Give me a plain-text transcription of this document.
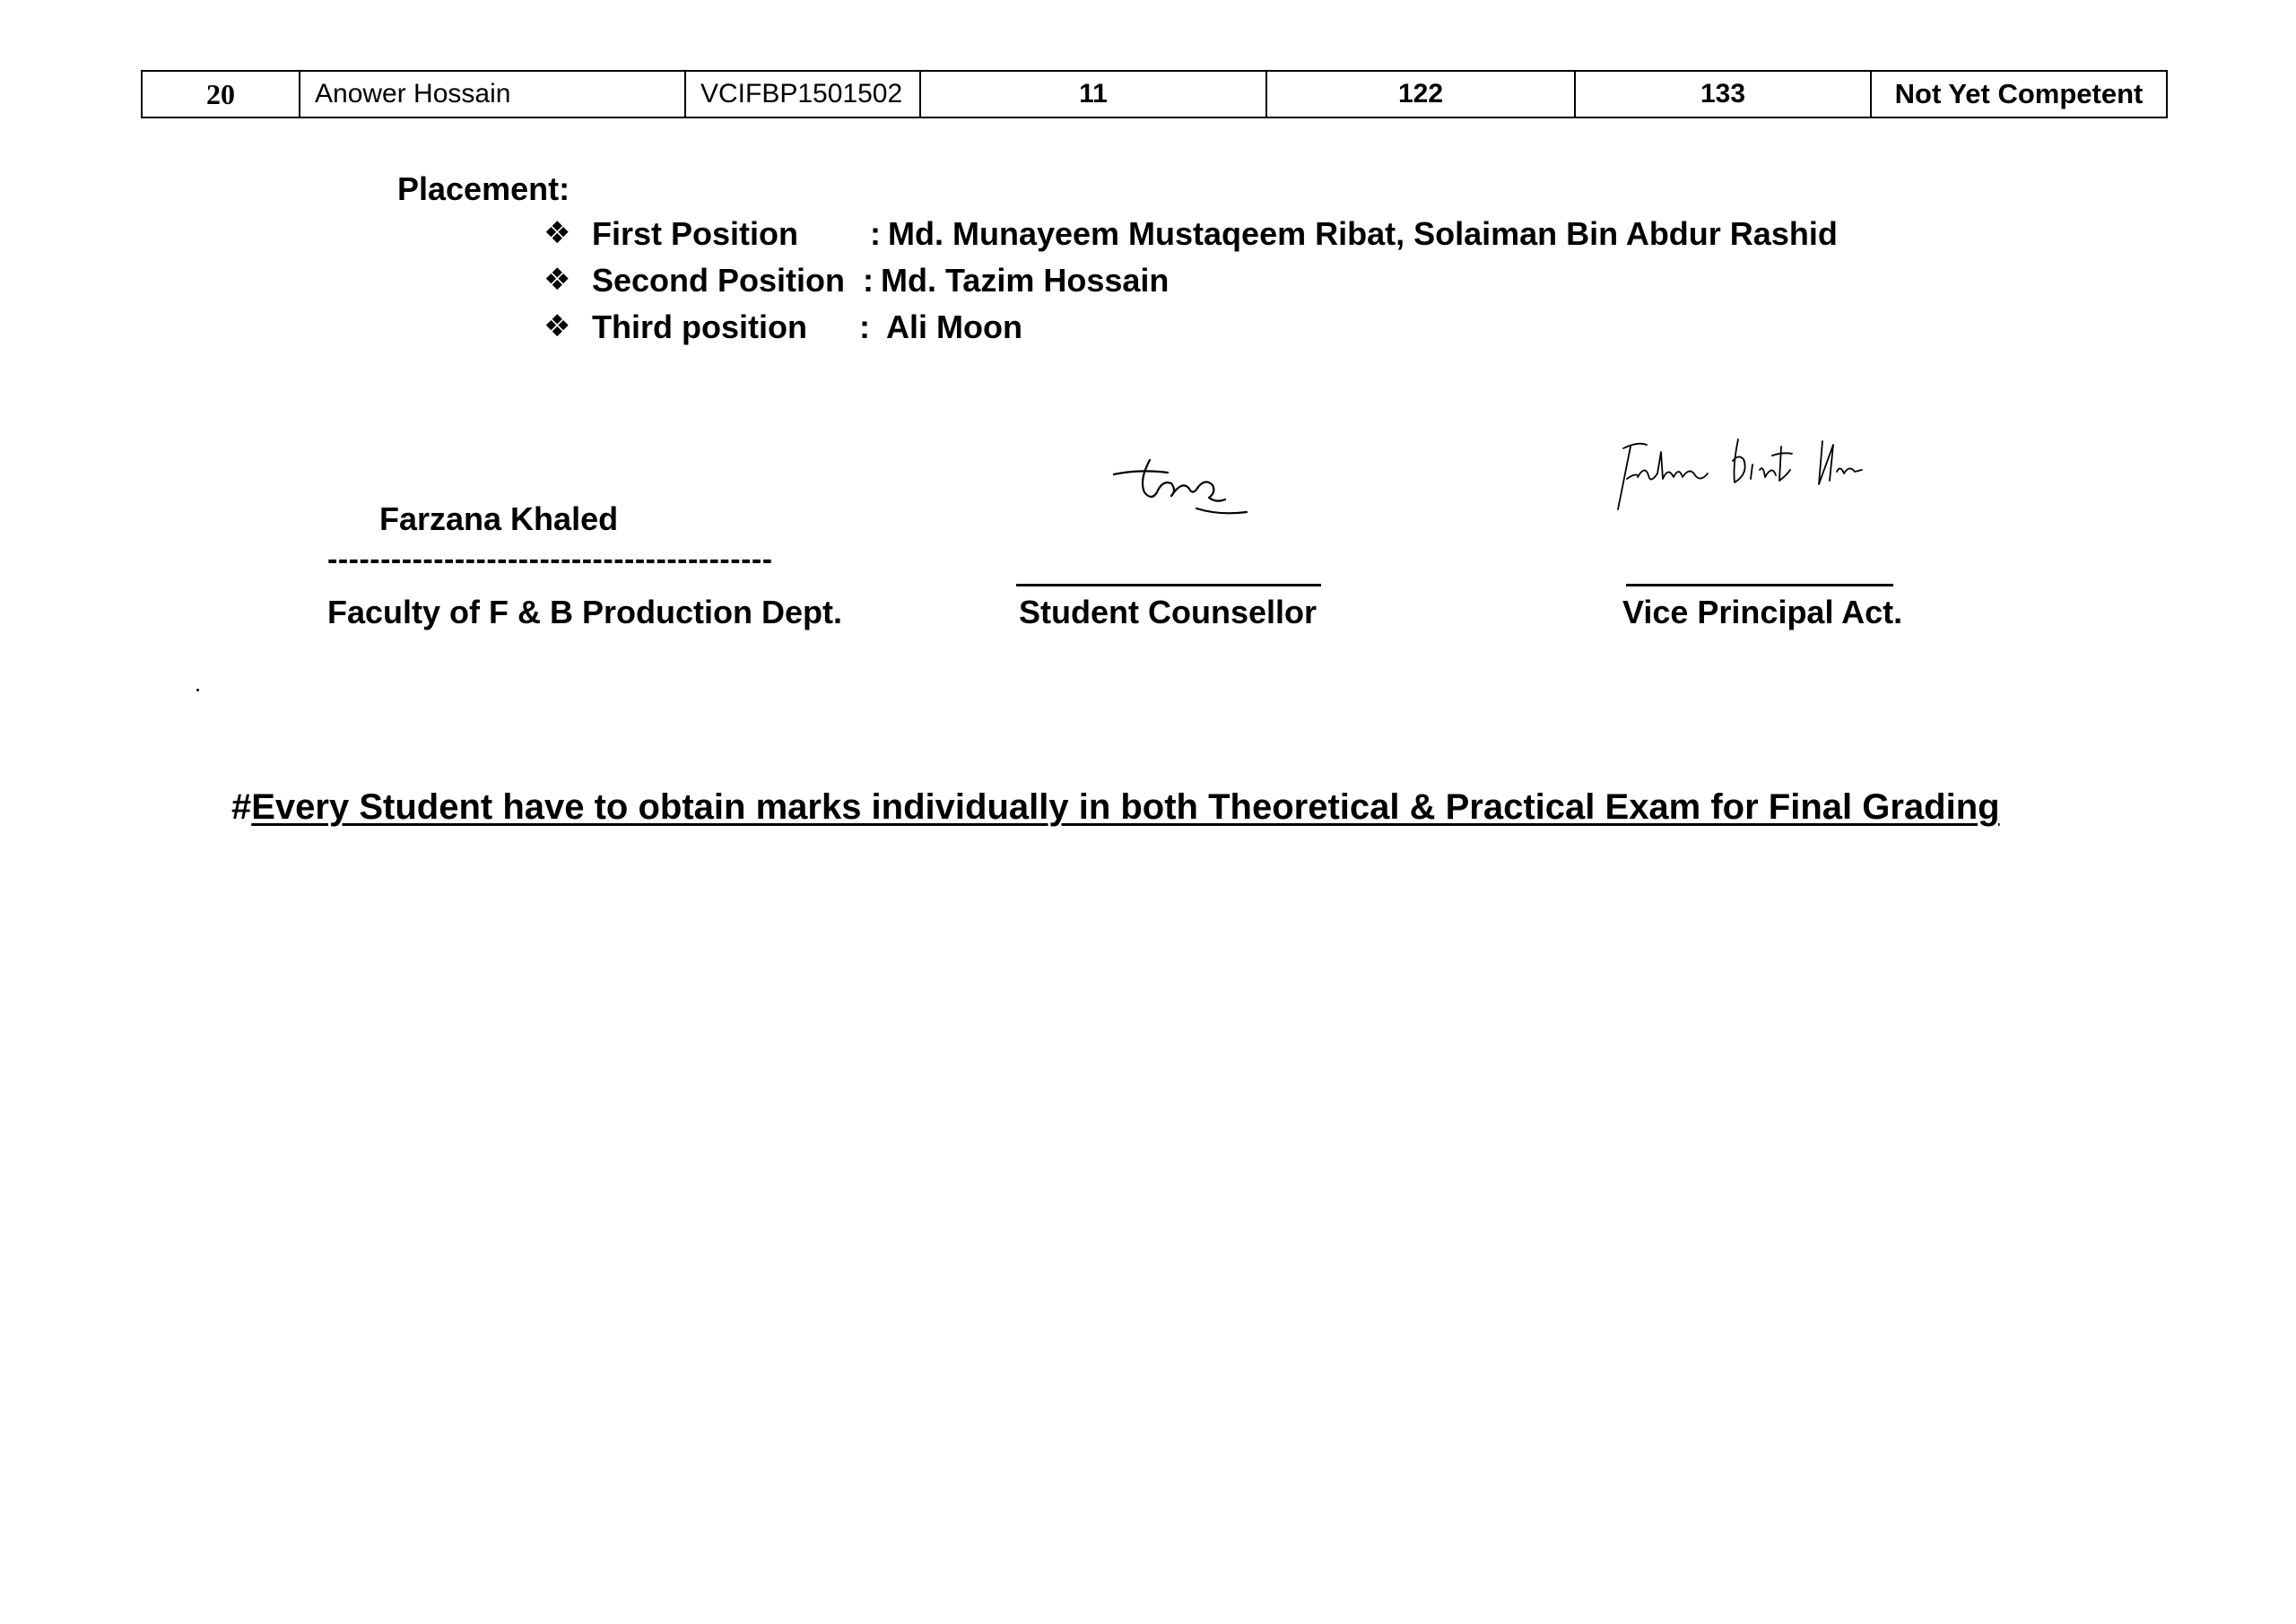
20	Anower Hossain	VCIFBP1501502	11	122	133	Not Yet Competent
Placement:
❖ First Position : Md. Munayeem Mustaqeem Ribat, Solaiman Bin Abdur Rashid
❖ Second Position : Md. Tazim Hossain
❖ Third position : Ali Moon
Farzana Khaled
------------------------------------------
Faculty of F & B Production Dept.	Student Counsellor	Vice Principal Act.
#Every Student have to obtain marks individually in both Theoretical & Practical Exam for Final Grading
